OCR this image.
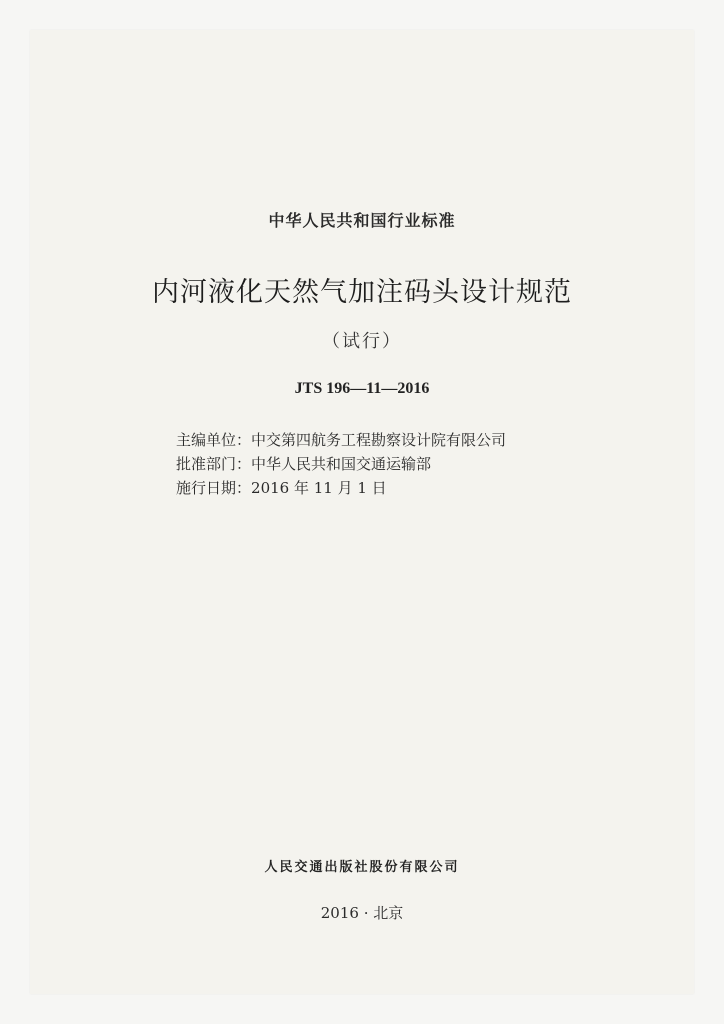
中华人民共和国行业标准
内河液化天然气加注码头设计规范
（试行）
JTS 196—11—2016
主编单位：中交第四航务工程勘察设计院有限公司
批准部门：中华人民共和国交通运输部
施行日期：2016 年 11 月 1 日
人民交通出版社股份有限公司
2016 · 北京
